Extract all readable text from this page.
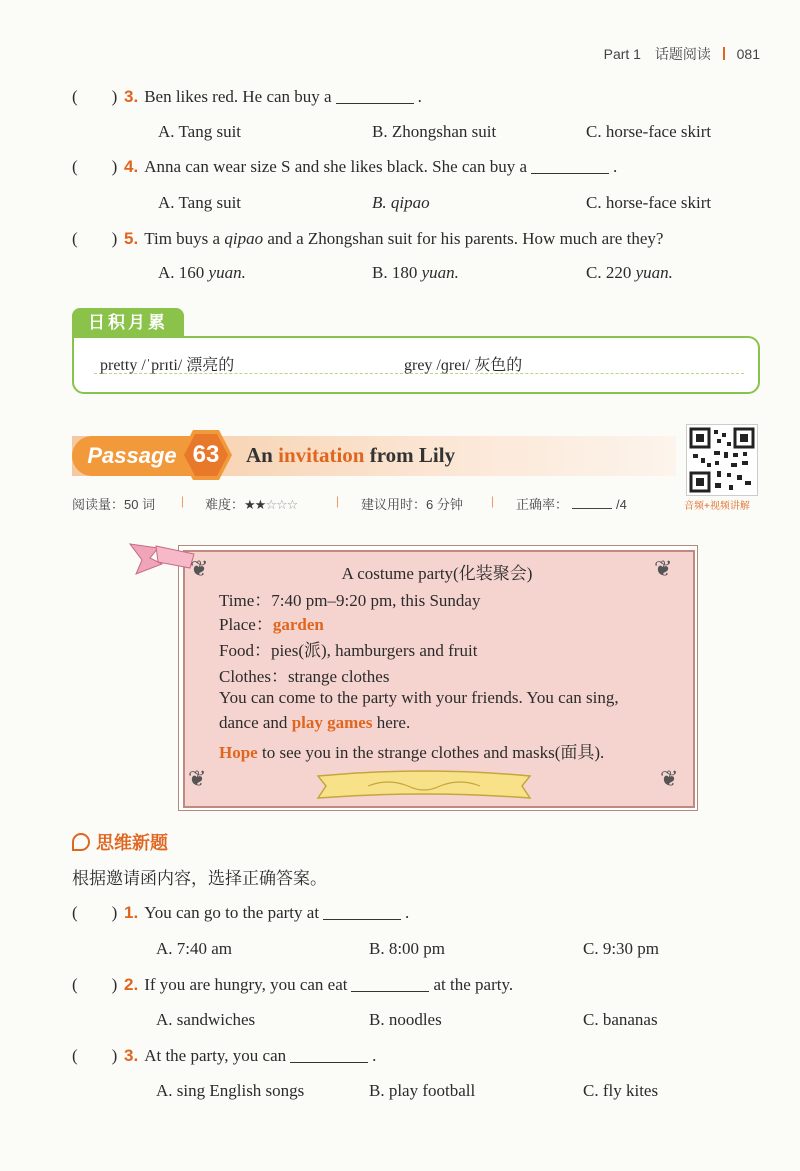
Part 1 话题阅读 081
(        ) 3. Ben likes red. He can buy a	.
A. Tang suit	B. Zhongshan suit	C. horse-face skirt
(        ) 4. Anna can wear size S and she likes black. She can buy a	.
A. Tang suit	B. qipao	C. horse-face skirt
(        ) 5. Tim buys a qipao and a Zhongshan suit for his parents. How much are they?
A. 160 yuan.	B. 180 yuan.	C. 220 yuan.
日积月累
pretty /ˈprɪti/ 漂亮的	grey /ɡreɪ/ 灰色的
Passage 63	An invitation from Lily
音频+视频讲解
阅读量：50 词 | 难度：★★☆☆☆	| 建议用时：6 分钟 | 正确率：	/4
❦	❦
❦	❦
A costume party(化装聚会)
Time：7:40 pm–9:20 pm, this Sunday
Place：garden
Food：pies(派), hamburgers and fruit
Clothes：strange clothes
You can come to the party with your friends. You can sing,
dance and play games here.
Hope to see you in the strange clothes and masks(面具).
思维新题
根据邀请函内容，选择正确答案。
(        ) 1. You can go to the party at	.
A. 7:40 am	B. 8:00 pm	C. 9:30 pm
(        ) 2. If you are hungry, you can eat	at the party.
A. sandwiches	B. noodles	C. bananas
(        ) 3. At the party, you can	.
A. sing English songs	B. play football	C. fly kites
